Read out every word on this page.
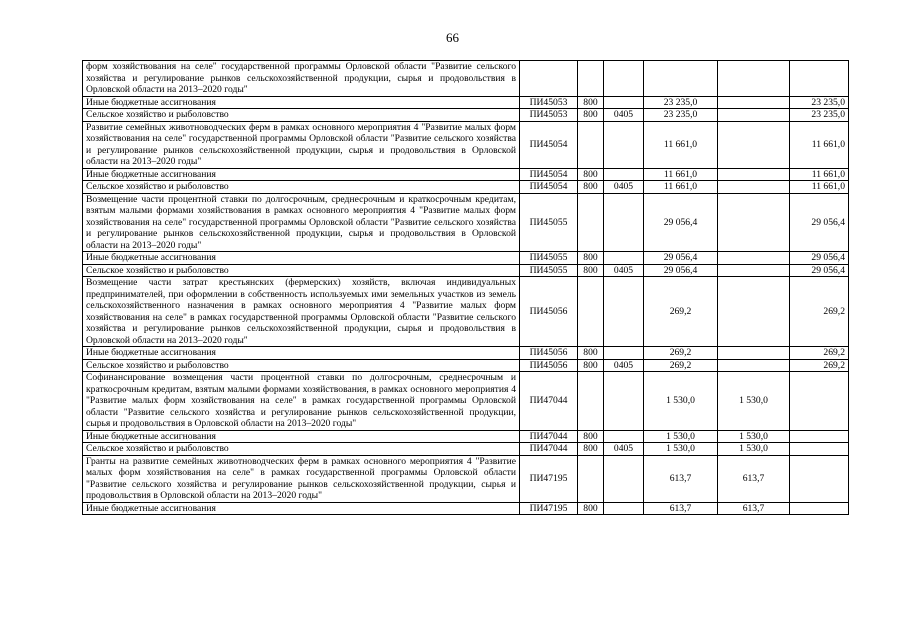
66
форм хозяйствования на селе" государственной программы Орловской области "Развитие сельского хозяйства и регулирование рынков сельскохозяйственной продукции, сырья и продовольствия в Орловской области на 2013–2020 годы"						
Иные бюджетные ассигнования	ПИ45053	800		23 235,0		23 235,0
Сельское хозяйство и рыболовство	ПИ45053	800	0405	23 235,0		23 235,0
Развитие семейных животноводческих ферм в рамках основного мероприятия 4 "Развитие малых форм хозяйствования на селе" государственной программы Орловской области "Развитие сельского хозяйства и регулирование рынков сельскохозяйственной продукции, сырья и продовольствия в Орловской области на 2013–2020 годы"	ПИ45054			11 661,0		11 661,0
Иные бюджетные ассигнования	ПИ45054	800		11 661,0		11 661,0
Сельское хозяйство и рыболовство	ПИ45054	800	0405	11 661,0		11 661,0
Возмещение части процентной ставки по долгосрочным, среднесрочным и краткосрочным кредитам, взятым малыми формами хозяйствования в рамках основного мероприятия 4 "Развитие малых форм хозяйствования на селе" государственной программы Орловской области "Развитие сельского хозяйства и регулирование рынков сельскохозяйственной продукции, сырья и продовольствия в Орловской области на 2013–2020 годы"	ПИ45055			29 056,4		29 056,4
Иные бюджетные ассигнования	ПИ45055	800		29 056,4		29 056,4
Сельское хозяйство и рыболовство	ПИ45055	800	0405	29 056,4		29 056,4
Возмещение части затрат крестьянских (фермерских) хозяйств, включая индивидуальных предпринимателей, при оформлении в собственность используемых ими земельных участков из земель сельскохозяйственного назначения в рамках основного мероприятия 4 "Развитие малых форм хозяйствования на селе" в рамках государственной программы Орловской области "Развитие сельского хозяйства и регулирование рынков сельскохозяйственной продукции, сырья и продовольствия в Орловской области на 2013–2020 годы"	ПИ45056			269,2		269,2
Иные бюджетные ассигнования	ПИ45056	800		269,2		269,2
Сельское хозяйство и рыболовство	ПИ45056	800	0405	269,2		269,2
Софинансирование возмещения части процентной ставки по долгосрочным, среднесрочным и краткосрочным кредитам, взятым малыми формами хозяйствования, в рамках основного мероприятия 4 "Развитие малых форм хозяйствования на селе" в рамках государственной программы Орловской области "Развитие сельского хозяйства и регулирование рынков сельскохозяйственной продукции, сырья и продовольствия в Орловской области на 2013–2020 годы"	ПИ47044			1 530,0	1 530,0	
Иные бюджетные ассигнования	ПИ47044	800		1 530,0	1 530,0	
Сельское хозяйство и рыболовство	ПИ47044	800	0405	1 530,0	1 530,0	
Гранты на развитие семейных животноводческих ферм в рамках основного мероприятия 4 "Развитие малых форм хозяйствования на селе" в рамках государственной программы Орловской области "Развитие сельского хозяйства и регулирование рынков сельскохозяйственной продукции, сырья и продовольствия в Орловской области на 2013–2020 годы"	ПИ47195			613,7	613,7	
Иные бюджетные ассигнования	ПИ47195	800		613,7	613,7	
